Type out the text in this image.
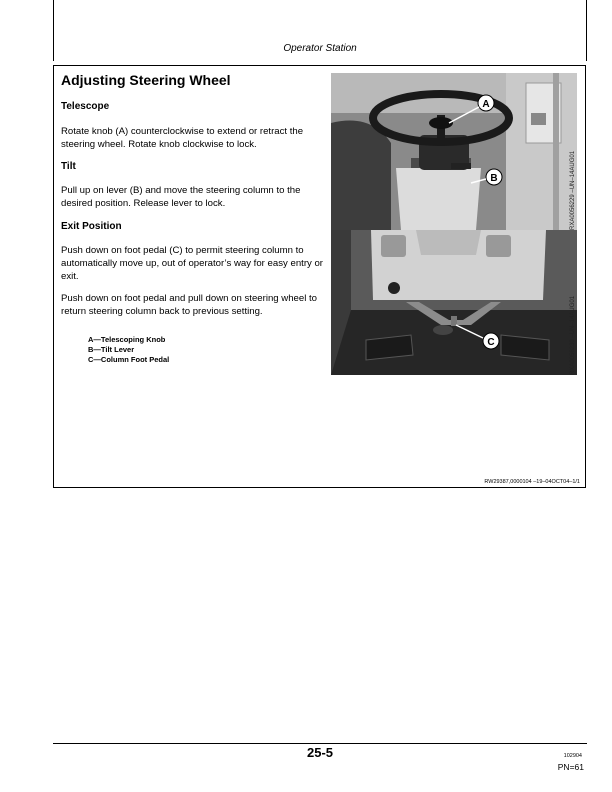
Operator Station
Adjusting Steering Wheel
Telescope
Rotate knob (A) counterclockwise to extend or retract the steering wheel. Rotate knob clockwise to lock.
Tilt
Pull up on lever (B) and move the steering column to the desired position. Release lever to lock.
Exit Position
Push down on foot pedal (C) to permit steering column to automatically move up, out of operator’s way for easy entry or exit.
Push down on foot pedal and pull down on steering wheel to return steering column back to previous setting.
A—Telescoping Knob
B—Tilt Lever
C—Column Foot Pedal
A
B	RXA0056229 –UN–14AUG01
C	RXA0056230 –UN–14AUG01
RW29387,0000104 –19–04OCT04–1/1
25-5	102904
PN=61
